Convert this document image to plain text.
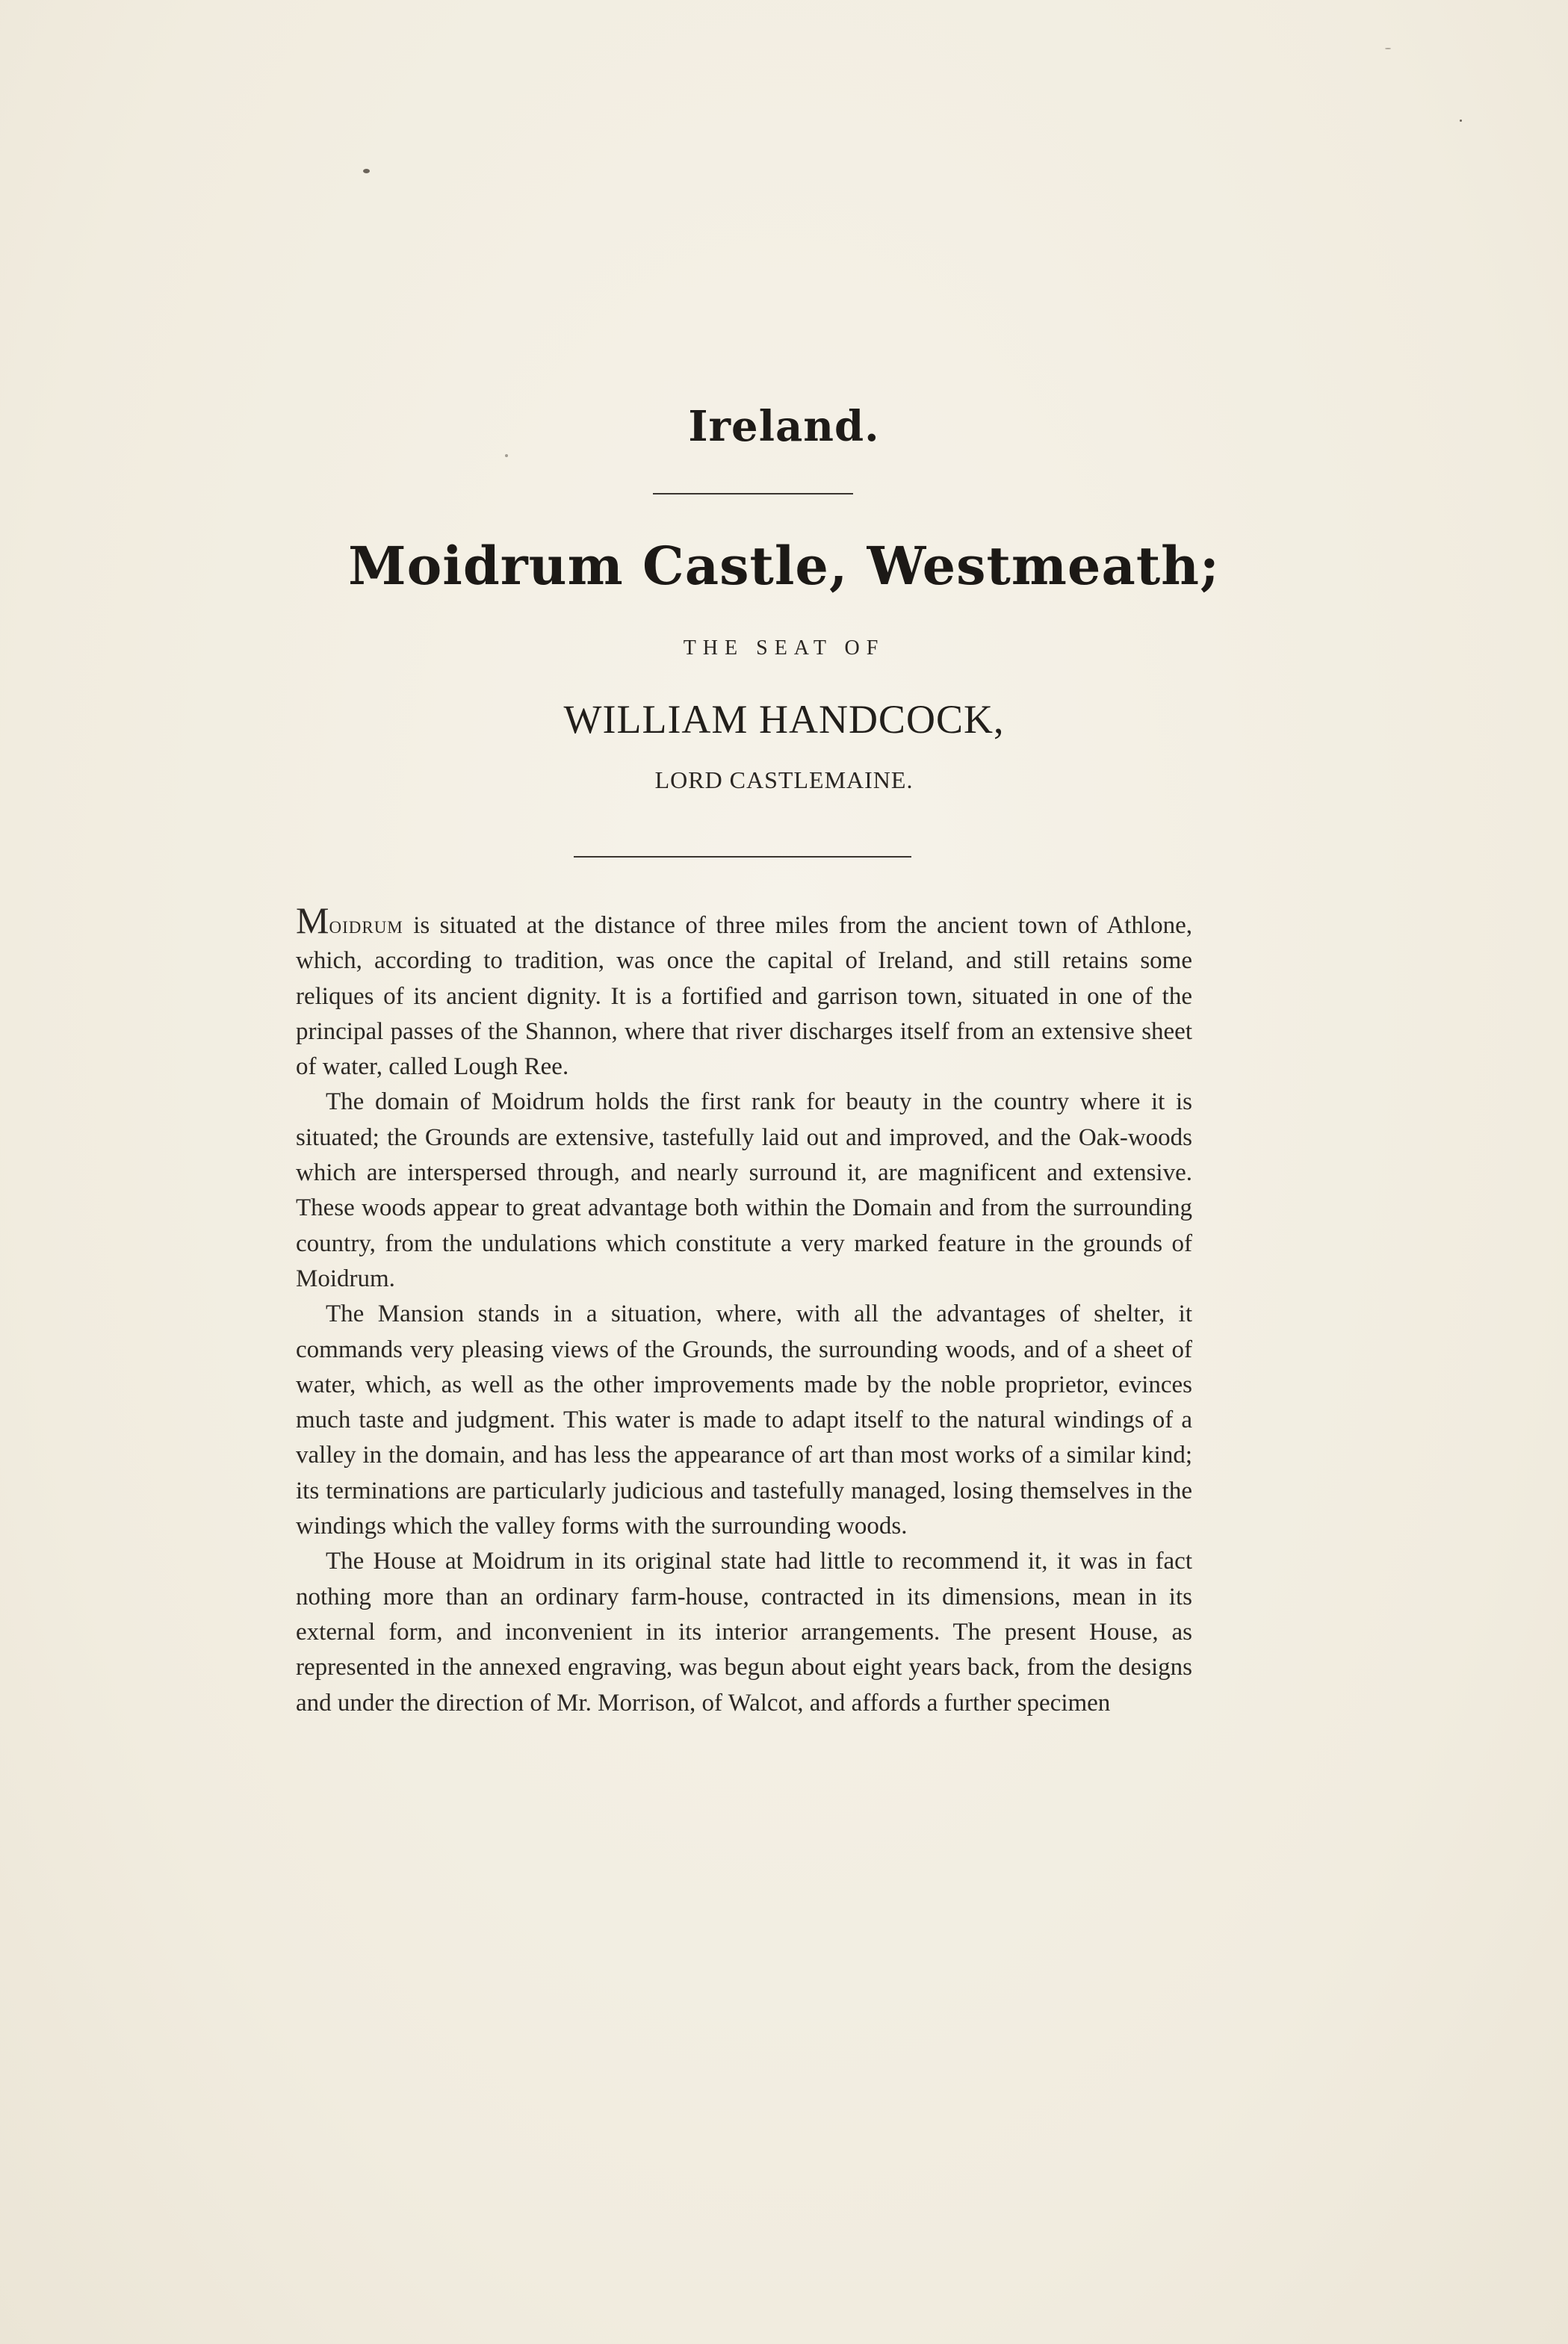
Ireland.
Moidrum Castle, Westmeath;
THE SEAT OF
WILLIAM HANDCOCK,
LORD CASTLEMAINE.

Moidrum is situated at the distance of three miles from the ancient town of Athlone, which, according to tradition, was once the capital of Ireland, and still retains some reliques of its ancient dignity. It is a fortified and garrison town, situated in one of the principal passes of the Shannon, where that river discharges itself from an extensive sheet of water, called Lough Ree.

The domain of Moidrum holds the first rank for beauty in the country where it is situated; the Grounds are extensive, tastefully laid out and improved, and the Oak-woods which are interspersed through, and nearly surround it, are magnificent and extensive. These woods appear to great advantage both within the Domain and from the surrounding country, from the undulations which constitute a very marked feature in the grounds of Moidrum.

The Mansion stands in a situation, where, with all the advantages of shelter, it commands very pleasing views of the Grounds, the surrounding woods, and of a sheet of water, which, as well as the other improvements made by the noble proprietor, evinces much taste and judgment. This water is made to adapt itself to the natural windings of a valley in the domain, and has less the appearance of art than most works of a similar kind; its terminations are particularly judicious and tastefully managed, losing themselves in the windings which the valley forms with the surrounding woods.

The House at Moidrum in its original state had little to recommend it, it was in fact nothing more than an ordinary farm-house, contracted in its dimensions, mean in its external form, and inconvenient in its interior arrangements. The present House, as represented in the annexed engraving, was begun about eight years back, from the designs and under the direction of Mr. Morrison, of Walcot, and affords a further specimen
